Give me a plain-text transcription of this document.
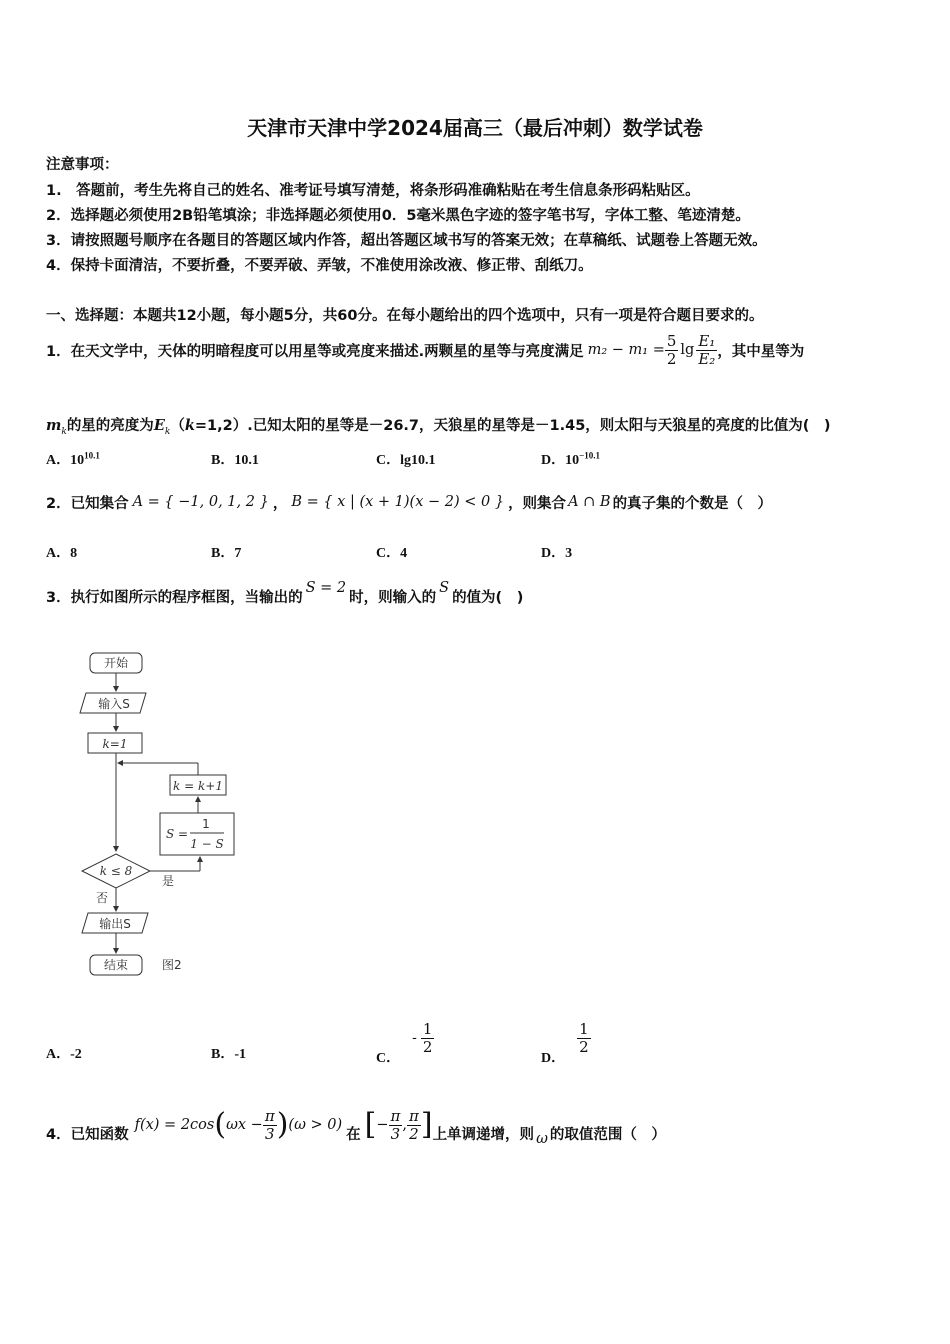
天津市天津中学2024届高三（最后冲刺）数学试卷
注意事项：
1.　答题前，考生先将自己的姓名、准考证号填写清楚，将条形码准确粘贴在考生信息条形码粘贴区。
2．选择题必须使用2B铅笔填涂；非选择题必须使用0．5毫米黑色字迹的签字笔书写，字体工整、笔迹清楚。
3．请按照题号顺序在各题目的答题区域内作答，超出答题区域书写的答案无效；在草稿纸、试题卷上答题无效。
4．保持卡面清洁，不要折叠，不要弄破、弄皱，不准使用涂改液、修正带、刮纸刀。
一、选择题：本题共12小题，每小题5分，共60分。在每小题给出的四个选项中，只有一项是符合题目要求的。
1．在天文学中，天体的明暗程度可以用星等或亮度来描述.两颗星的星等与亮度满足 $m_2 - m_1 = \frac{5}{2}$ $\lg \frac{\text{E₁}}{\text{E₂}}$ ，其中星等为
$m_k$的星的亮度为$E_k(k=1,2)$.已知太阳的星等是－26.7，天狼星的星等是－1.45，则太阳与天狼星的亮度的比值为(　)
A．$10^{10.1}$	B．10.1	C．lg10.1	D．$10^{-10.1}$
2．已知集合 A = { −1, 0, 1, 2 } ， B = { x | (x + 1)(x − 2) < 0 } ，则集合 A ∩ B 的真子集的个数是（　）
A．8	B．7	C．4	D．3
3．执行如图所示的程序框图，当输出的
S = 2
时，则输入的
S
的值为(　)
开始
输入S
k=1
k ≤ 8
是
S =
1
1 − S
k = k+1
否
输出S
结束	图2
A．-2	B．-1	C．
- $\frac{1}{2}$
D．
$\frac{1}{2}$
4．已知函数
f(x) = 2cos ( $\omega x - \frac{\pi}{3}$ ) (ω > 0)
在 [ − $\frac{\pi}{3}$ , $\frac{\pi}{2}$ ] 上单调递增，则 ω 的取值范围（　）
